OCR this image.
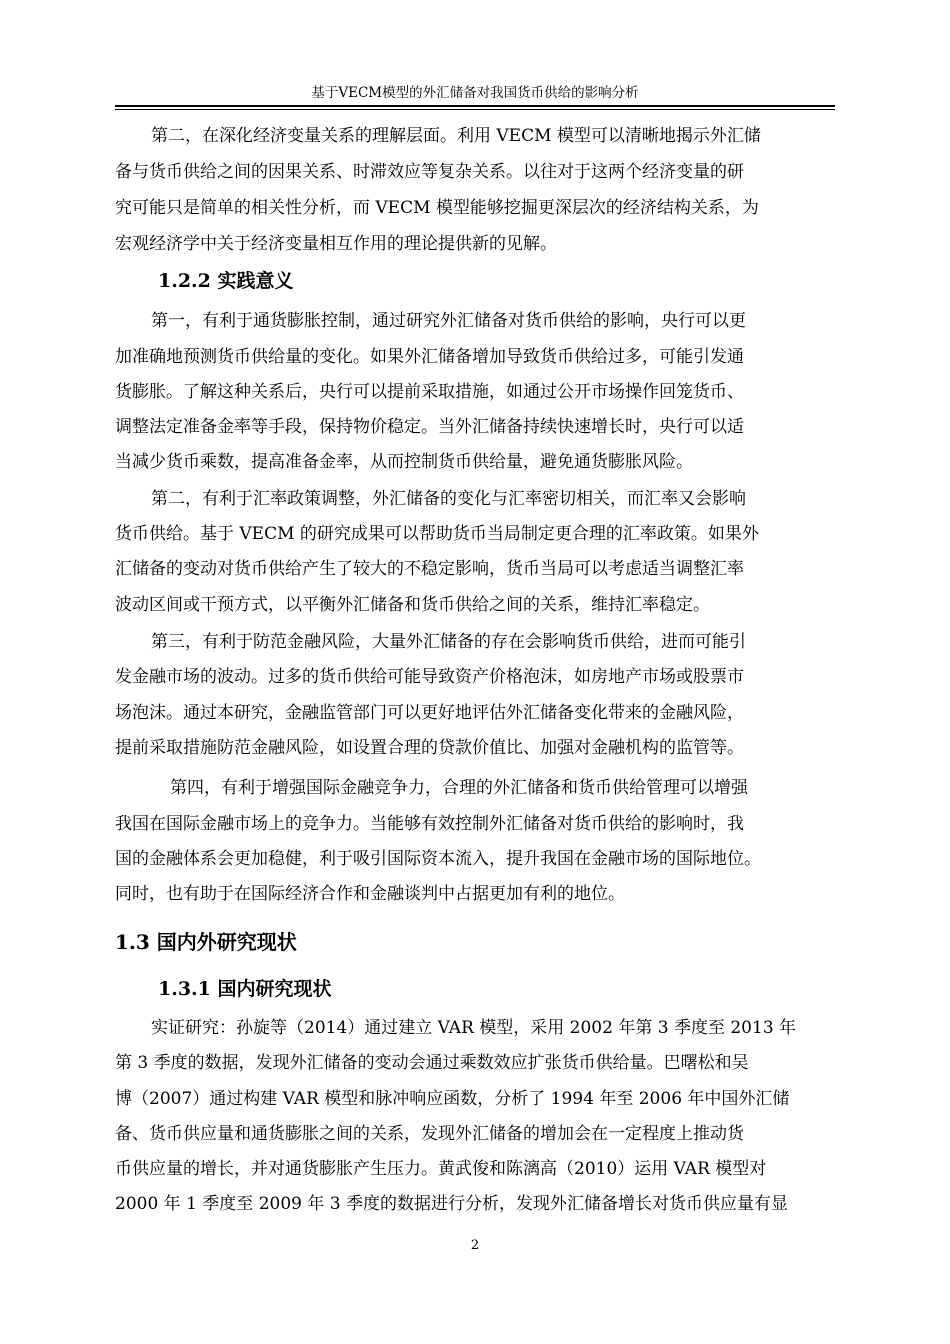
基于VECM模型的外汇储备对我国货币供给的影响分析
第二，在深化经济变量关系的理解层面。利用 VECM 模型可以清晰地揭示外汇储
备与货币供给之间的因果关系、时滞效应等复杂关系。以往对于这两个经济变量的研
究可能只是简单的相关性分析，而 VECM 模型能够挖掘更深层次的经济结构关系，为
宏观经济学中关于经济变量相互作用的理论提供新的见解。
1.2.2 实践意义
第一，有利于通货膨胀控制，通过研究外汇储备对货币供给的影响，央行可以更
加准确地预测货币供给量的变化。如果外汇储备增加导致货币供给过多，可能引发通
货膨胀。了解这种关系后，央行可以提前采取措施，如通过公开市场操作回笼货币、
调整法定准备金率等手段，保持物价稳定。当外汇储备持续快速增长时，央行可以适
当减少货币乘数，提高准备金率，从而控制货币供给量，避免通货膨胀风险。
第二，有利于汇率政策调整，外汇储备的变化与汇率密切相关，而汇率又会影响
货币供给。基于 VECM 的研究成果可以帮助货币当局制定更合理的汇率政策。如果外
汇储备的变动对货币供给产生了较大的不稳定影响，货币当局可以考虑适当调整汇率
波动区间或干预方式，以平衡外汇储备和货币供给之间的关系，维持汇率稳定。
第三，有利于防范金融风险，大量外汇储备的存在会影响货币供给，进而可能引
发金融市场的波动。过多的货币供给可能导致资产价格泡沫，如房地产市场或股票市
场泡沫。通过本研究，金融监管部门可以更好地评估外汇储备变化带来的金融风险，
提前采取措施防范金融风险，如设置合理的贷款价值比、加强对金融机构的监管等。
第四，有利于增强国际金融竞争力，合理的外汇储备和货币供给管理可以增强
我国在国际金融市场上的竞争力。当能够有效控制外汇储备对货币供给的影响时，我
国的金融体系会更加稳健，利于吸引国际资本流入，提升我国在金融市场的国际地位。
同时，也有助于在国际经济合作和金融谈判中占据更加有利的地位。
1.3 国内外研究现状
1.3.1 国内研究现状
实证研究：孙旋等（2014）通过建立 VAR 模型，采用 2002 年第 3 季度至 2013 年
第 3 季度的数据，发现外汇储备的变动会通过乘数效应扩张货币供给量。巴曙松和吴
博（2007）通过构建 VAR 模型和脉冲响应函数，分析了 1994 年至 2006 年中国外汇储
备、货币供应量和通货膨胀之间的关系，发现外汇储备的增加会在一定程度上推动货
币供应量的增长，并对通货膨胀产生压力。黄武俊和陈漓高（2010）运用 VAR 模型对
2000 年 1 季度至 2009 年 3 季度的数据进行分析，发现外汇储备增长对货币供应量有显
2
